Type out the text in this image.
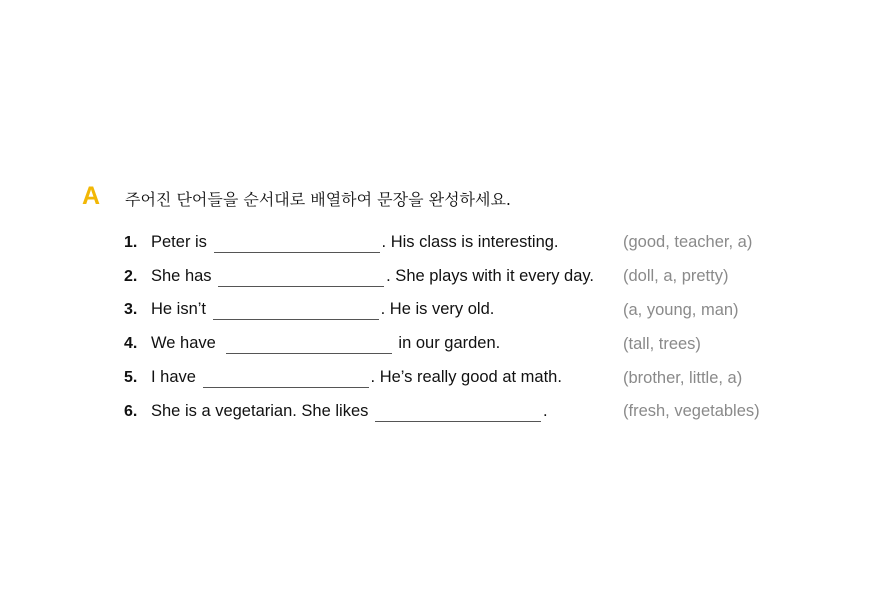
A 주어진 단어들을 순서대로 배열하여 문장을 완성하세요.
1. Peter is	. His class is interesting.	(good, teacher, a)
2. She has	. She plays with it every day. (doll, a, pretty)
3. He isn’t	. He is very old.	(a, young, man)
4. We have	in our garden.	(tall, trees)
5. I have	. He’s really good at math.	(brother, little, a)
6. She is a vegetarian. She likes	.	(fresh, vegetables)
